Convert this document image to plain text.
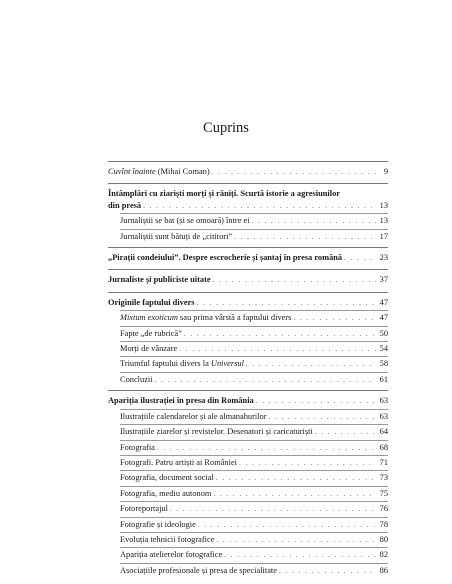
Cuprins
Cuvînt înainte (Mihai Coman) . . .	9
Întâmplări cu ziariști morți și răniți. Scurtă istorie a agresiunilor
din presă . . .	13
Jurnaliștii se bat (și se omoară) între ei . . .	13
Jurnaliștii sunt bătuți de „cititori” . . .	17
„Pirații condeiului”. Despre escrocherie și șantaj în presa română . . .	23
Jurnaliste și publiciste uitate . . .	37
Originile faptului divers . . .	47
Mixtum exoticum sau prima vârstă a faptului divers . . .	47
Fapte „de rubrică” . . .	50
Morți de vânzare . . .	54
Triumful faptului divers la Universul . . .	58
Concluzii . . .	61
Apariția ilustrației în presa din România . . .	63
Ilustrațiile calendarelor și ale almanahurilor . . .	63
Ilustrațiile ziarelor și revistelor. Desenatori și caricaturiști . . .	64
Fotografia . . .	68
Fotografi. Patru artiști ai României . . .	71
Fotografia, document social . . .	73
Fotografia, mediu autonom . . .	75
Fotoreportajul . . .	76
Fotografie și ideologie . . .	78
Evoluția tehnicii fotografice . . .	80
Apariția atelierelor fotografice . . .	82
Asociațiile profesionale și presa de specialitate . . .	86
